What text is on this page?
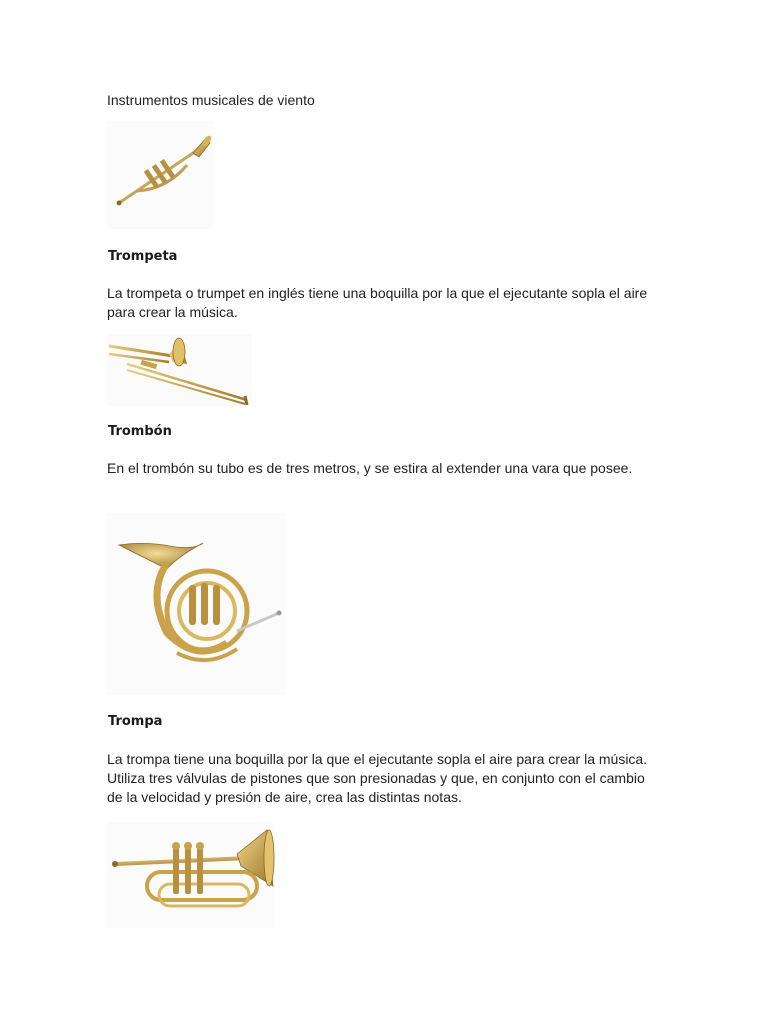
Instrumentos musicales de viento

Trompeta

La trompeta o trumpet en inglés tiene una boquilla por la que el ejecutante sopla el aire para crear la música.

Trombón

En el trombón su tubo es de tres metros, y se estira al extender una vara que posee.

Trompa

La trompa tiene una boquilla por la que el ejecutante sopla el aire para crear la música. Utiliza tres válvulas de pistones que son presionadas y que, en conjunto con el cambio de la velocidad y presión de aire, crea las distintas notas.
